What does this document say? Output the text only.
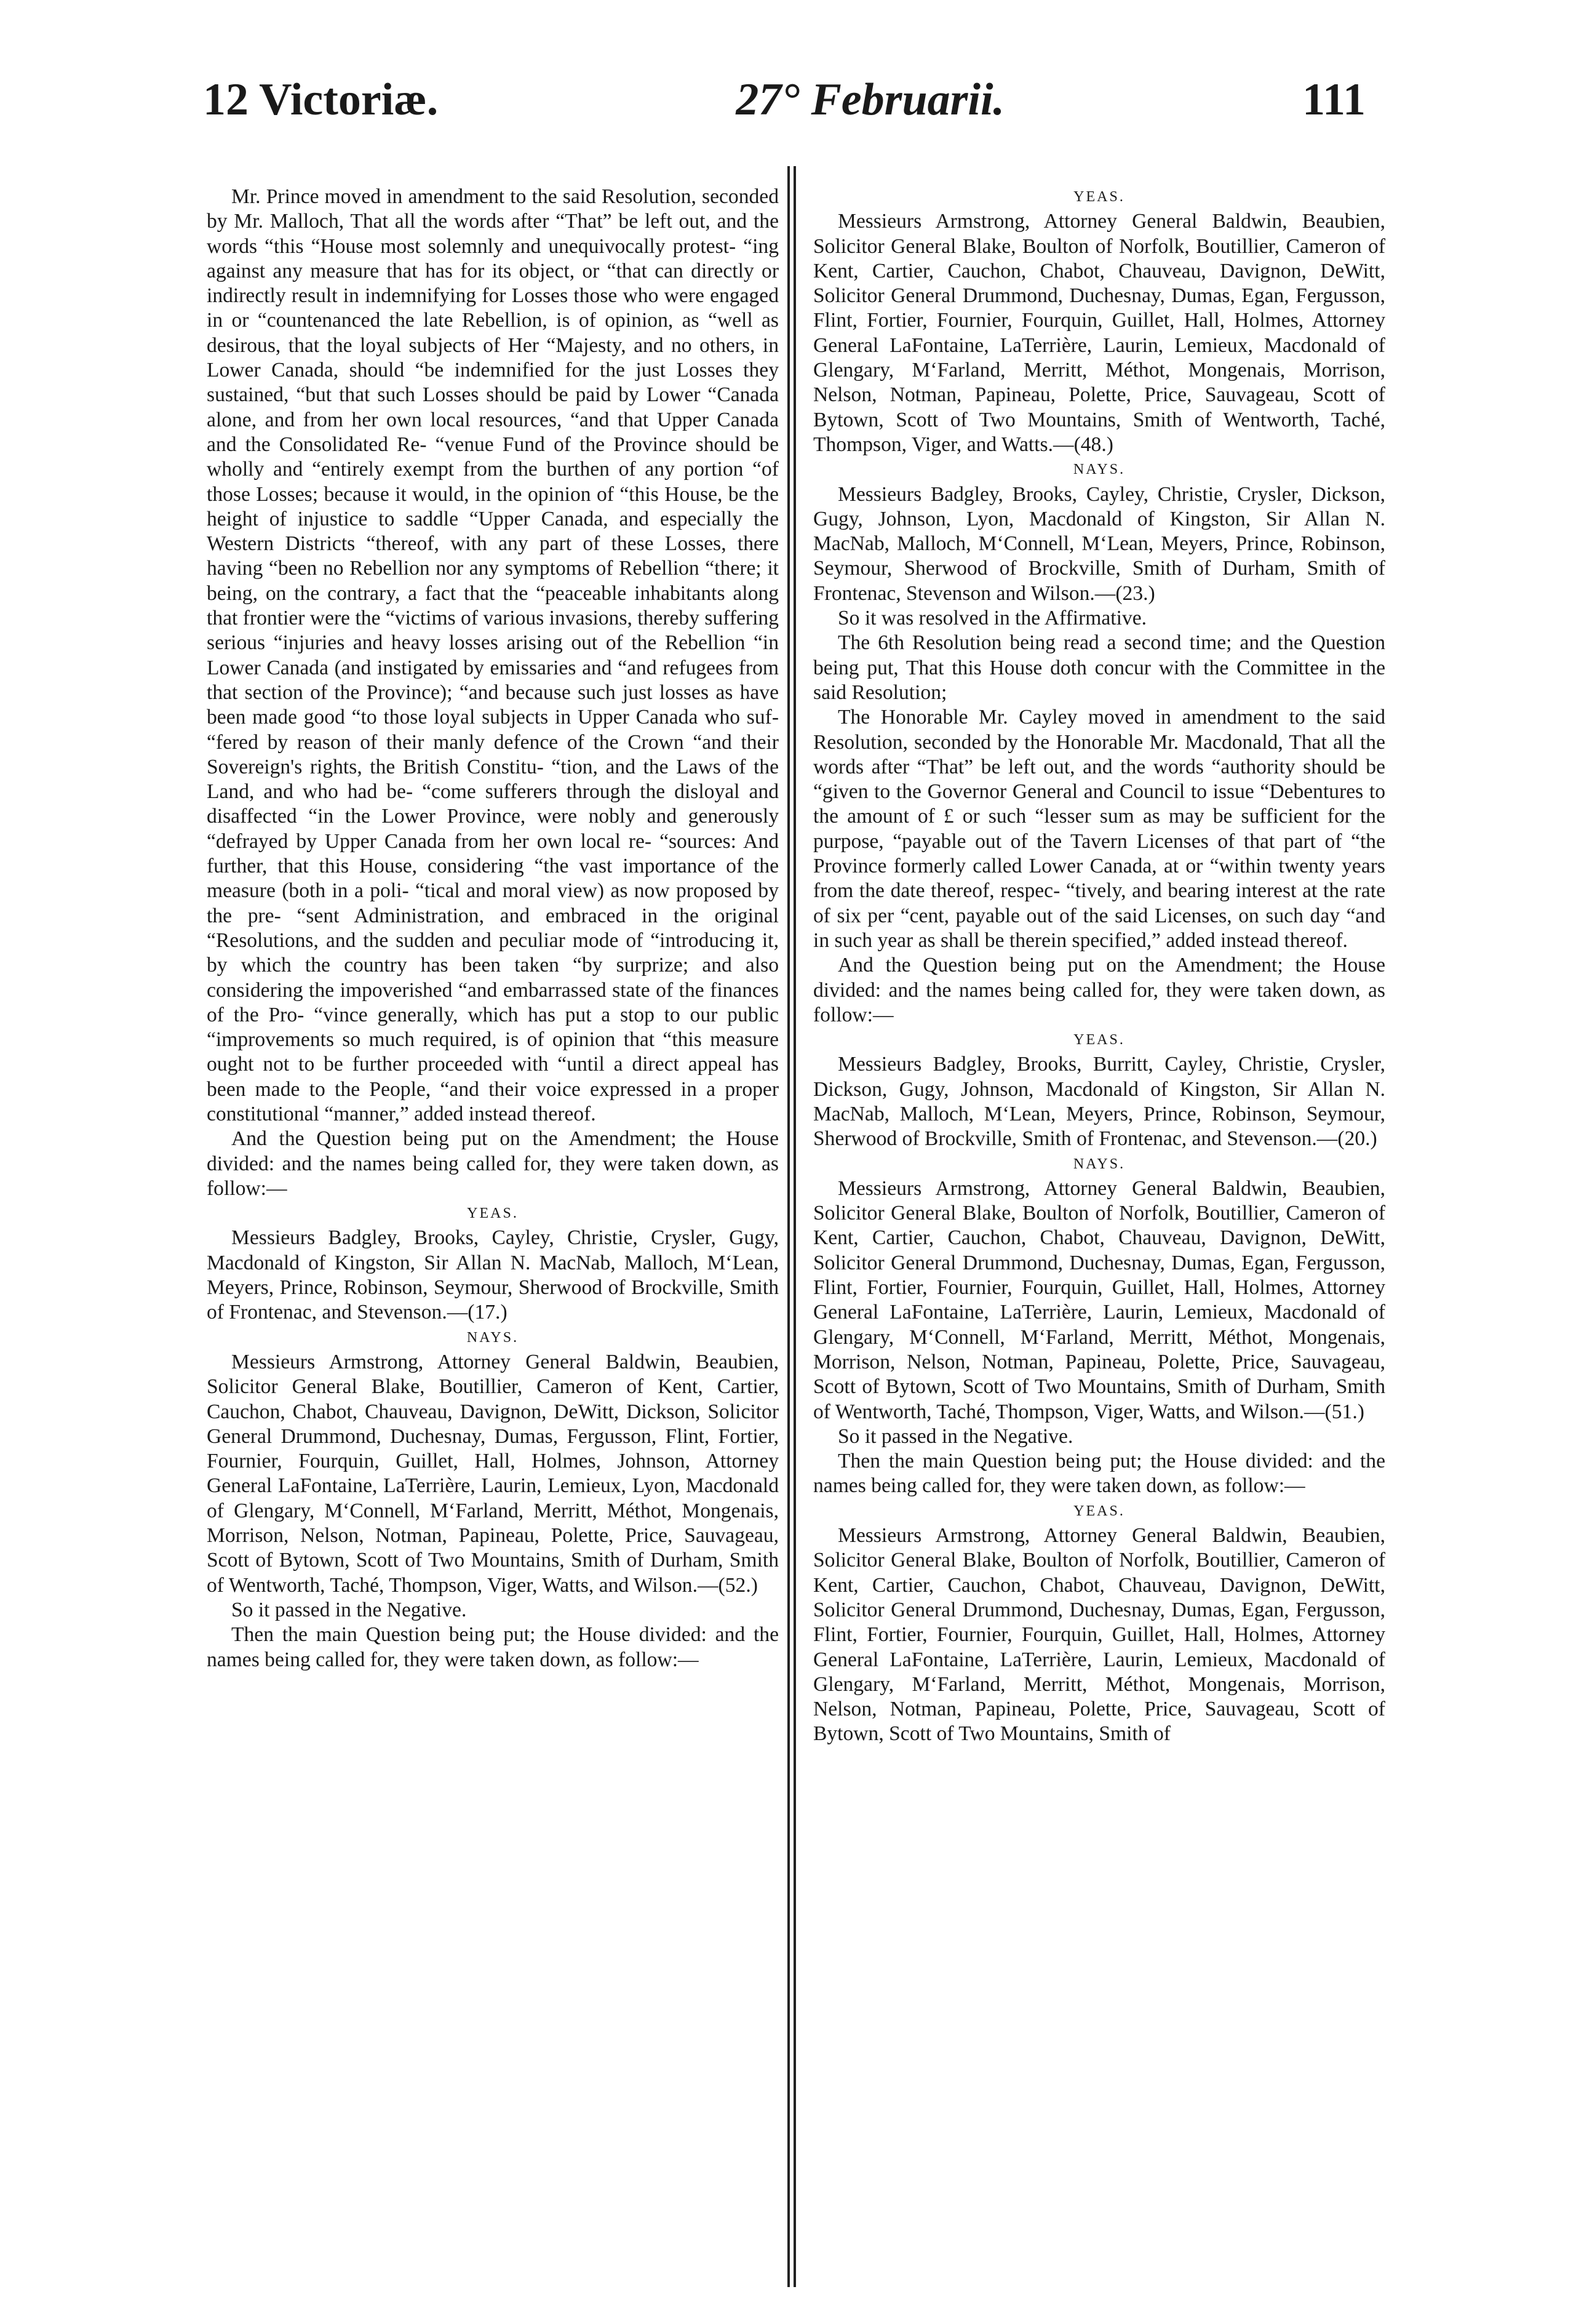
12 Victoriæ.	27° Februarii.	111

Mr. Prince moved in amendment to the said Resolution, seconded by Mr. Malloch, That all the words after “That” be left out, and the words “this “House most solemnly and unequivocally protest- “ing against any measure that has for its object, or “that can directly or indirectly result in indemnifying for Losses those who were engaged in or “countenanced the late Rebellion, is of opinion, as “well as desirous, that the loyal subjects of Her “Majesty, and no others, in Lower Canada, should “be indemnified for the just Losses they sustained, “but that such Losses should be paid by Lower “Canada alone, and from her own local resources, “and that Upper Canada and the Consolidated Re- “venue Fund of the Province should be wholly and “entirely exempt from the burthen of any portion “of those Losses; because it would, in the opinion of “this House, be the height of injustice to saddle “Upper Canada, and especially the Western Districts “thereof, with any part of these Losses, there having “been no Rebellion nor any symptoms of Rebellion “there; it being, on the contrary, a fact that the “peaceable inhabitants along that frontier were the “victims of various invasions, thereby suffering serious “injuries and heavy losses arising out of the Rebellion “in Lower Canada (and instigated by emissaries and “and refugees from that section of the Province); “and because such just losses as have been made good “to those loyal subjects in Upper Canada who suf- “fered by reason of their manly defence of the Crown “and their Sovereign's rights, the British Constitu- “tion, and the Laws of the Land, and who had be- “come sufferers through the disloyal and disaffected “in the Lower Province, were nobly and generously “defrayed by Upper Canada from her own local re- “sources: And further, that this House, considering “the vast importance of the measure (both in a poli- “tical and moral view) as now proposed by the pre- “sent Administration, and embraced in the original “Resolutions, and the sudden and peculiar mode of “introducing it, by which the country has been taken “by surprize; and also considering the impoverished “and embarrassed state of the finances of the Pro- “vince generally, which has put a stop to our public “improvements so much required, is of opinion that “this measure ought not to be further proceeded with “until a direct appeal has been made to the People, “and their voice expressed in a proper constitutional “manner,” added instead thereof.

And the Question being put on the Amendment; the House divided: and the names being called for, they were taken down, as follow:—

YEAS.

Messieurs Badgley, Brooks, Cayley, Christie, Crysler, Gugy, Macdonald of Kingston, Sir Allan N. MacNab, Malloch, M‘Lean, Meyers, Prince, Robinson, Seymour, Sherwood of Brockville, Smith of Frontenac, and Stevenson.—(17.)

NAYS.

Messieurs Armstrong, Attorney General Baldwin, Beaubien, Solicitor General Blake, Boutillier, Cameron of Kent, Cartier, Cauchon, Chabot, Chauveau, Davignon, DeWitt, Dickson, Solicitor General Drummond, Duchesnay, Dumas, Fergusson, Flint, Fortier, Fournier, Fourquin, Guillet, Hall, Holmes, Johnson, Attorney General LaFontaine, LaTerrière, Laurin, Lemieux, Lyon, Macdonald of Glengary, M‘Connell, M‘Farland, Merritt, Méthot, Mongenais, Morrison, Nelson, Notman, Papineau, Polette, Price, Sauvageau, Scott of Bytown, Scott of Two Mountains, Smith of Durham, Smith of Wentworth, Taché, Thompson, Viger, Watts, and Wilson.—(52.)

So it passed in the Negative.

Then the main Question being put; the House divided: and the names being called for, they were taken down, as follow:—

YEAS.

Messieurs Armstrong, Attorney General Baldwin, Beaubien, Solicitor General Blake, Boulton of Norfolk, Boutillier, Cameron of Kent, Cartier, Cauchon, Chabot, Chauveau, Davignon, DeWitt, Solicitor General Drummond, Duchesnay, Dumas, Egan, Fergusson, Flint, Fortier, Fournier, Fourquin, Guillet, Hall, Holmes, Attorney General LaFontaine, LaTerrière, Laurin, Lemieux, Macdonald of Glengary, M‘Farland, Merritt, Méthot, Mongenais, Morrison, Nelson, Notman, Papineau, Polette, Price, Sauvageau, Scott of Bytown, Scott of Two Mountains, Smith of Wentworth, Taché, Thompson, Viger, and Watts.—(48.)

NAYS.

Messieurs Badgley, Brooks, Cayley, Christie, Crysler, Dickson, Gugy, Johnson, Lyon, Macdonald of Kingston, Sir Allan N. MacNab, Malloch, M‘Connell, M‘Lean, Meyers, Prince, Robinson, Seymour, Sherwood of Brockville, Smith of Durham, Smith of Frontenac, Stevenson and Wilson.—(23.)

So it was resolved in the Affirmative.

The 6th Resolution being read a second time; and the Question being put, That this House doth concur with the Committee in the said Resolution;

The Honorable Mr. Cayley moved in amendment to the said Resolution, seconded by the Honorable Mr. Macdonald, That all the words after “That” be left out, and the words “authority should be “given to the Governor General and Council to issue “Debentures to the amount of £ or such “lesser sum as may be sufficient for the purpose, “payable out of the Tavern Licenses of that part of “the Province formerly called Lower Canada, at or “within twenty years from the date thereof, respec- “tively, and bearing interest at the rate of six per “cent, payable out of the said Licenses, on such day “and in such year as shall be therein specified,” added instead thereof.

And the Question being put on the Amendment; the House divided: and the names being called for, they were taken down, as follow:—

YEAS.

Messieurs Badgley, Brooks, Burritt, Cayley, Christie, Crysler, Dickson, Gugy, Johnson, Macdonald of Kingston, Sir Allan N. MacNab, Malloch, M‘Lean, Meyers, Prince, Robinson, Seymour, Sherwood of Brockville, Smith of Frontenac, and Stevenson.—(20.)

NAYS.

Messieurs Armstrong, Attorney General Baldwin, Beaubien, Solicitor General Blake, Boulton of Norfolk, Boutillier, Cameron of Kent, Cartier, Cauchon, Chabot, Chauveau, Davignon, DeWitt, Solicitor General Drummond, Duchesnay, Dumas, Egan, Fergusson, Flint, Fortier, Fournier, Fourquin, Guillet, Hall, Holmes, Attorney General LaFontaine, LaTerrière, Laurin, Lemieux, Macdonald of Glengary, M‘Connell, M‘Farland, Merritt, Méthot, Mongenais, Morrison, Nelson, Notman, Papineau, Polette, Price, Sauvageau, Scott of Bytown, Scott of Two Mountains, Smith of Durham, Smith of Wentworth, Taché, Thompson, Viger, Watts, and Wilson.—(51.)

So it passed in the Negative.

Then the main Question being put; the House divided: and the names being called for, they were taken down, as follow:—

YEAS.

Messieurs Armstrong, Attorney General Baldwin, Beaubien, Solicitor General Blake, Boulton of Norfolk, Boutillier, Cameron of Kent, Cartier, Cauchon, Chabot, Chauveau, Davignon, DeWitt, Solicitor General Drummond, Duchesnay, Dumas, Egan, Fergusson, Flint, Fortier, Fournier, Fourquin, Guillet, Hall, Holmes, Attorney General LaFontaine, LaTerrière, Laurin, Lemieux, Macdonald of Glengary, M‘Farland, Merritt, Méthot, Mongenais, Morrison, Nelson, Notman, Papineau, Polette, Price, Sauvageau, Scott of Bytown, Scott of Two Mountains, Smith of
